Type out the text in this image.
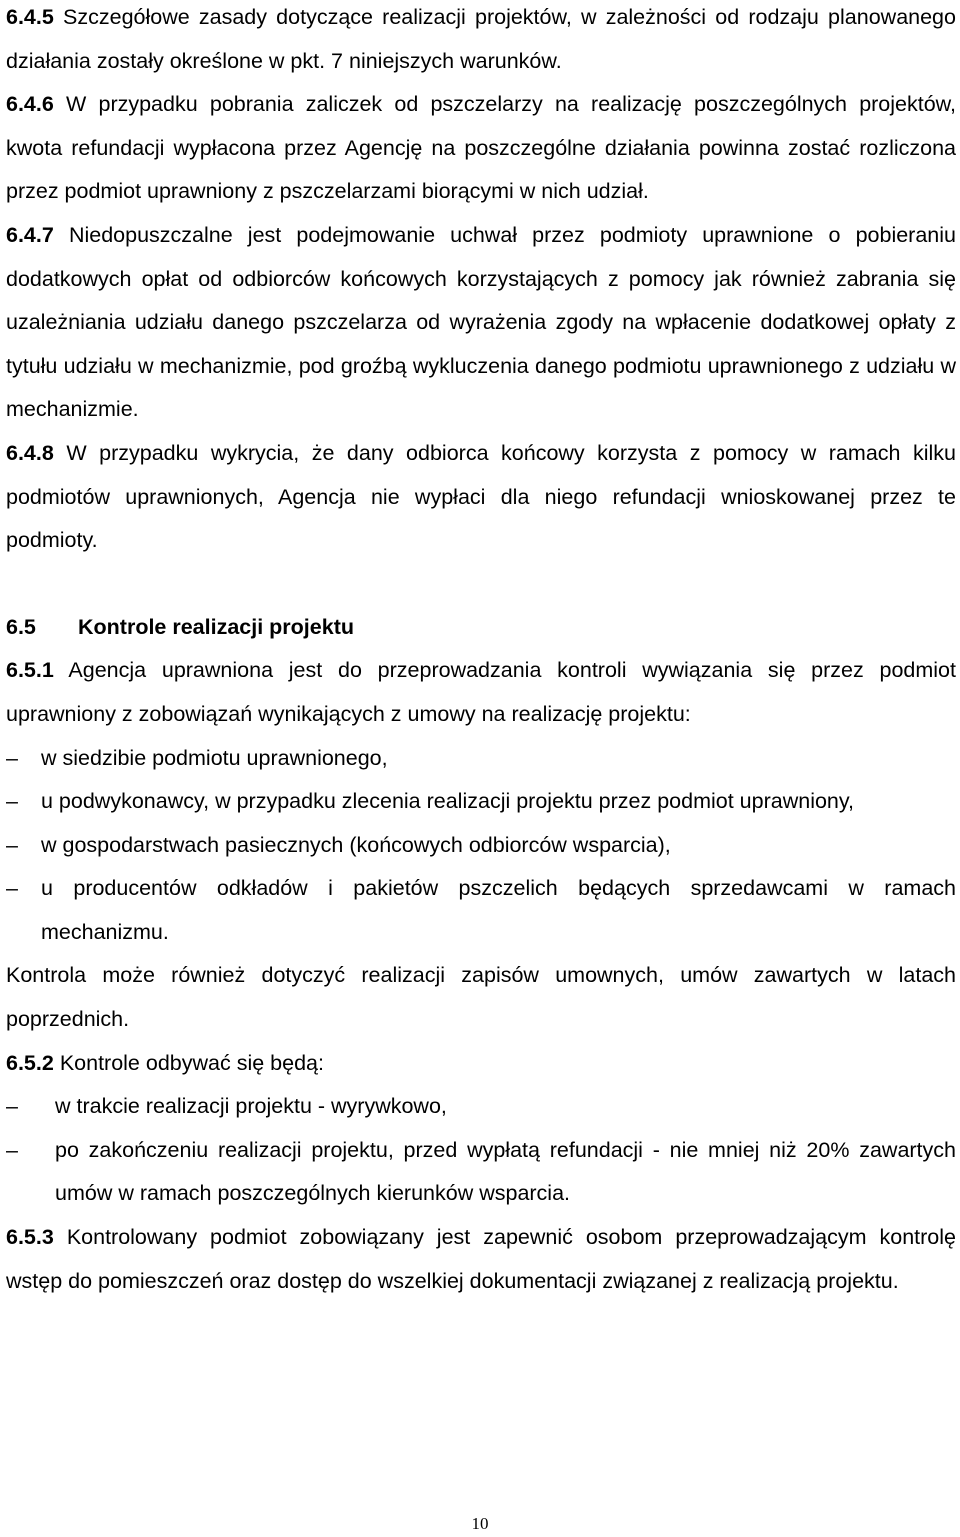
6.4.5 Szczegółowe zasady dotyczące realizacji projektów, w zależności od rodzaju planowanego działania zostały określone w pkt. 7 niniejszych warunków.

6.4.6 W przypadku pobrania zaliczek od pszczelarzy na realizację poszczególnych projektów, kwota refundacji wypłacona przez Agencję na poszczególne działania powinna zostać rozliczona przez podmiot uprawniony z pszczelarzami biorącymi w nich udział.

6.4.7 Niedopuszczalne jest podejmowanie uchwał przez podmioty uprawnione o pobieraniu dodatkowych opłat od odbiorców końcowych korzystających z pomocy jak również zabrania się uzależniania udziału danego pszczelarza od wyrażenia zgody na wpłacenie dodatkowej opłaty z tytułu udziału w mechanizmie, pod groźbą wykluczenia danego podmiotu uprawnionego z udziału w mechanizmie.

6.4.8 W przypadku wykrycia, że dany odbiorca końcowy korzysta z pomocy w ramach kilku podmiotów uprawnionych, Agencja nie wypłaci dla niego refundacji wnioskowanej przez te podmioty.

6.5 Kontrole realizacji projektu

6.5.1 Agencja uprawniona jest do przeprowadzania kontroli wywiązania się przez podmiot uprawniony z zobowiązań wynikających z umowy na realizację projektu:

– w siedzibie podmiotu uprawnionego,
– u podwykonawcy, w przypadku zlecenia realizacji projektu przez podmiot uprawniony,
– w gospodarstwach pasiecznych (końcowych odbiorców wsparcia),
– u producentów odkładów i pakietów pszczelich będących sprzedawcami w ramach mechanizmu.

Kontrola może również dotyczyć realizacji zapisów umownych, umów zawartych w latach poprzednich.

6.5.2 Kontrole odbywać się będą:

– w trakcie realizacji projektu - wyrywkowo,
– po zakończeniu realizacji projektu, przed wypłatą refundacji - nie mniej niż 20% zawartych umów w ramach poszczególnych kierunków wsparcia.

6.5.3 Kontrolowany podmiot zobowiązany jest zapewnić osobom przeprowadzającym kontrolę wstęp do pomieszczeń oraz dostęp do wszelkiej dokumentacji związanej z realizacją projektu.

10
